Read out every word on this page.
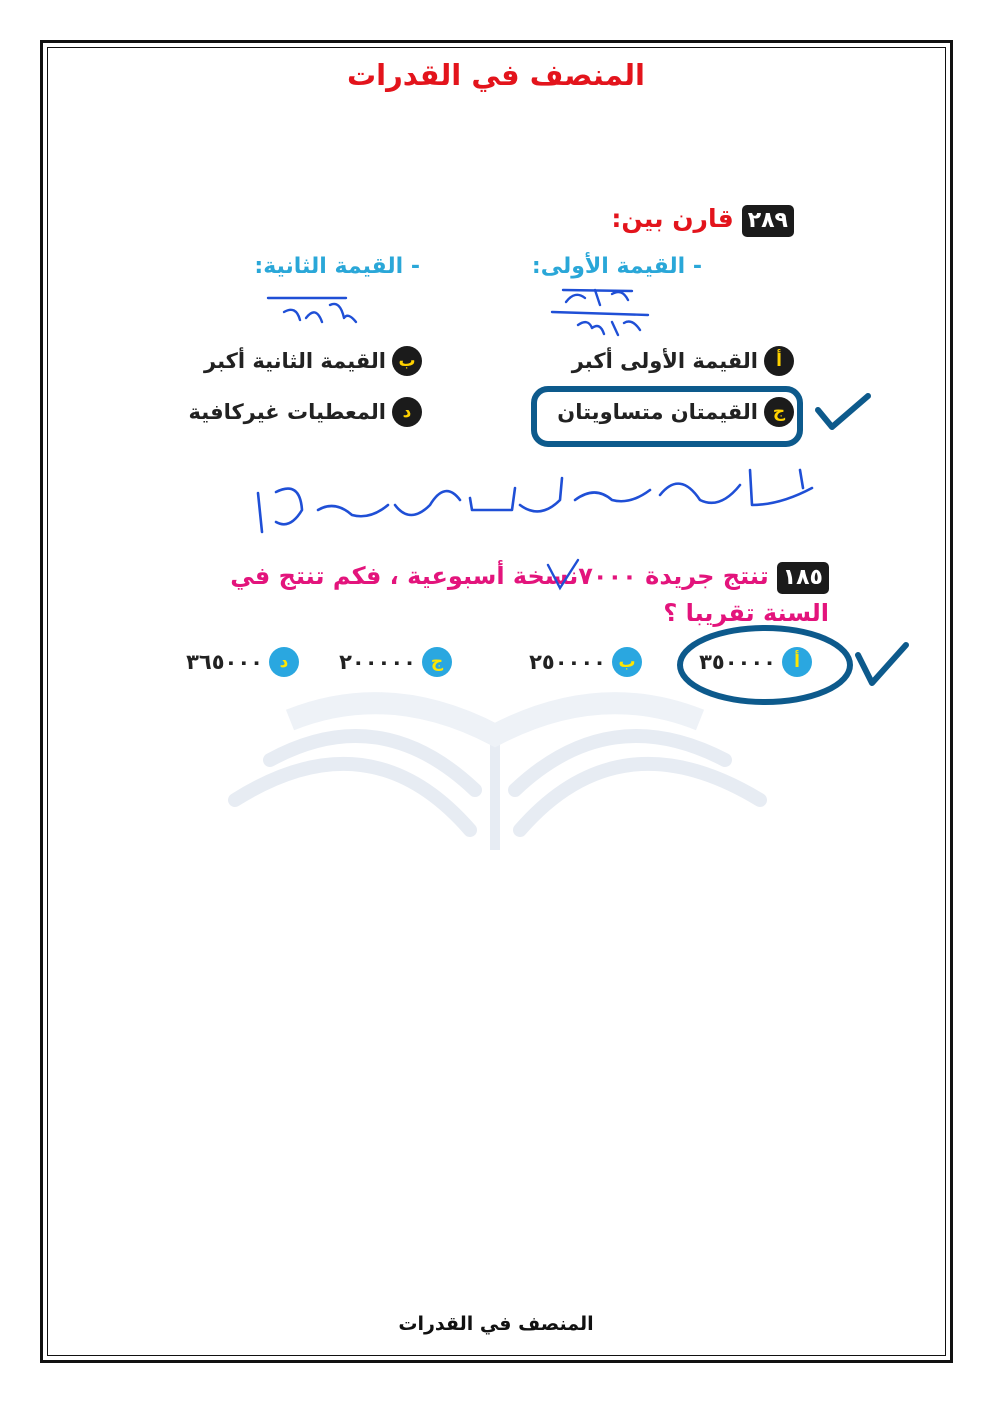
المنصف في القدرات
٢٨٩قارن بين:
- القيمة الأولى:
- القيمة الثانية:
أ
القيمة الأولى أكبر
ب
القيمة الثانية أكبر
ج
القيمتان متساويتان
د
المعطيات غيركافية
١٨٥تنتج جريدة ٧٠٠٠نسخة أسبوعية ، فكم تنتج في السنة تقريبا ؟
أ
٣٥٠٠٠٠
ب
٢٥٠٠٠٠
ج
٢٠٠٠٠٠
د
٣٦٥٠٠٠
المنصف في القدرات
